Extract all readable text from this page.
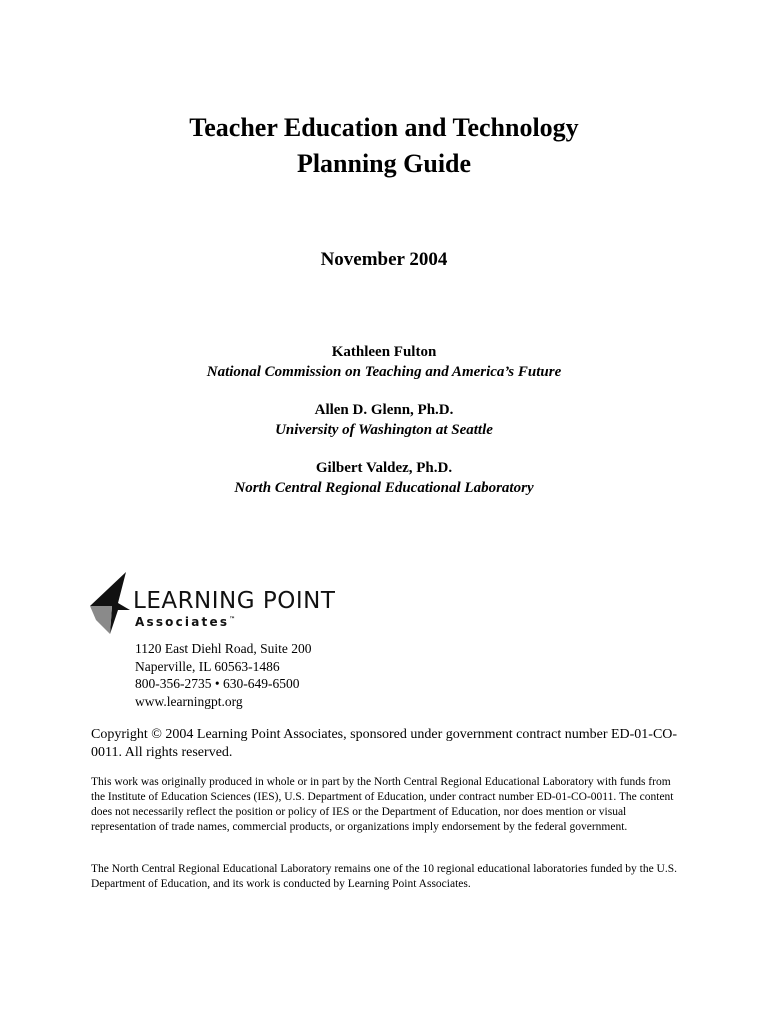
Teacher Education and Technology
Planning Guide
November 2004
Kathleen Fulton
National Commission on Teaching and America’s Future
Allen D. Glenn, Ph.D.
University of Washington at Seattle
Gilbert Valdez, Ph.D.
North Central Regional Educational Laboratory
LEARNING POINT
Associates™
1120 East Diehl Road, Suite 200
Naperville, IL 60563-1486
800-356-2735 • 630-649-6500
www.learningpt.org
Copyright © 2004 Learning Point Associates, sponsored under government contract number ED-01-CO-0011. All rights reserved.
This work was originally produced in whole or in part by the North Central Regional Educational Laboratory with funds from the Institute of Education Sciences (IES), U.S. Department of Education, under contract number ED-01-CO-0011. The content does not necessarily reflect the position or policy of IES or the Department of Education, nor does mention or visual representation of trade names, commercial products, or organizations imply endorsement by the federal government.
The North Central Regional Educational Laboratory remains one of the 10 regional educational laboratories funded by the U.S. Department of Education, and its work is conducted by Learning Point Associates.
